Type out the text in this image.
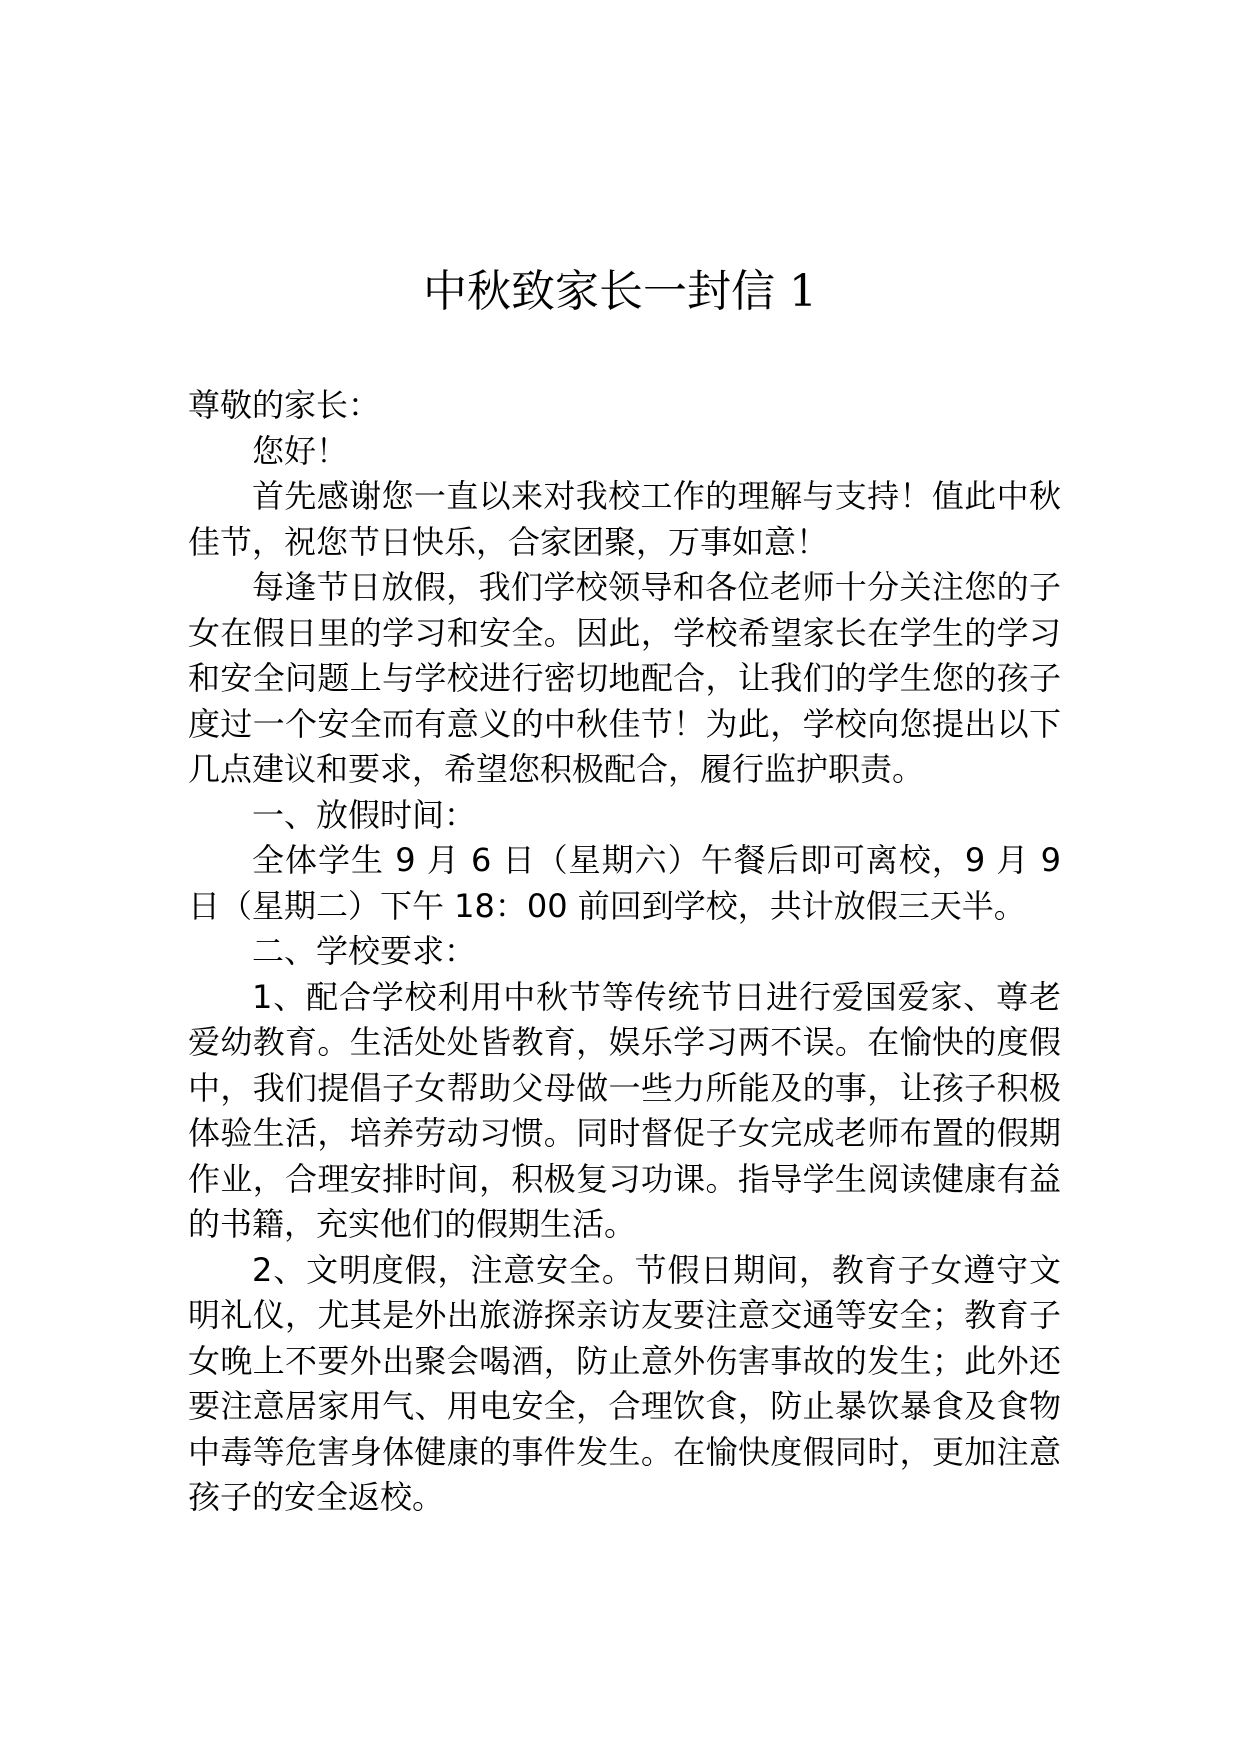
中秋致家长一封信 1

尊敬的家长：

您好！

首先感谢您一直以来对我校工作的理解与支持！值此中秋佳节，祝您节日快乐，合家团聚，万事如意！

每逢节日放假，我们学校领导和各位老师十分关注您的子女在假日里的学习和安全。因此，学校希望家长在学生的学习和安全问题上与学校进行密切地配合，让我们的学生您的孩子度过一个安全而有意义的中秋佳节！为此，学校向您提出以下几点建议和要求，希望您积极配合，履行监护职责。

一、放假时间：

全体学生 9 月 6 日（星期六）午餐后即可离校，9 月 9 日（星期二）下午 18：00 前回到学校，共计放假三天半。

二、学校要求：

1、配合学校利用中秋节等传统节日进行爱国爱家、尊老爱幼教育。生活处处皆教育，娱乐学习两不误。在愉快的度假中，我们提倡子女帮助父母做一些力所能及的事，让孩子积极体验生活，培养劳动习惯。同时督促子女完成老师布置的假期作业，合理安排时间，积极复习功课。指导学生阅读健康有益的书籍，充实他们的假期生活。

2、文明度假，注意安全。节假日期间，教育子女遵守文明礼仪，尤其是外出旅游探亲访友要注意交通等安全；教育子女晚上不要外出聚会喝酒，防止意外伤害事故的发生；此外还要注意居家用气、用电安全，合理饮食，防止暴饮暴食及食物中毒等危害身体健康的事件发生。在愉快度假同时，更加注意孩子的安全返校。
